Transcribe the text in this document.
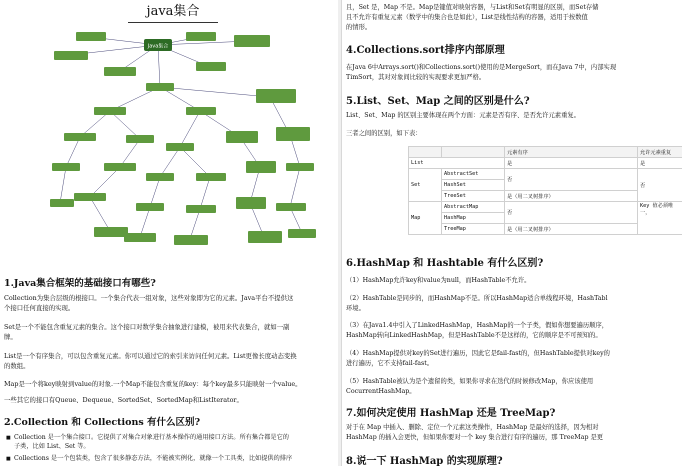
java集合
Java集合
1.Java集合框架的基础接口有哪些?

Collection为集合层级的根接口。一个集合代表一组对象，这些对象即为它的元素。Java平台不提供这

个接口任何直接的实现。

Set是一个不能包含重复元素的集合。这个接口对数学集合抽象进行建模，被用来代表集合，就如一副

牌。

List是一个有序集合，可以包含重复元素。你可以通过它的索引来访问任何元素。List更像长度动态变换

的数组。

Map是一个将key映射到value的对象.一个Map不能包含重复的key：每个key最多只能映射一个value。

一些其它的接口有Queue、Dequeue、SortedSet、SortedMap和ListIterator。

2.Collection 和 Collections 有什么区别?
■ Collection 是一个集合接口。它提供了对集合对象进行基本操作的通用接口方法。所有集合都是它的
子类，比如 List、Set 等。
■ Collections 是一个包装类，包含了很多静态方法，不能被实例化，就像一个工具类，比如提供的排序

且，Set 是，Map 不是。Map是键值对映射容器，与List和Set有明显的区别，而Set存储

且不允许有重复元素（数学中的集合也是如此），List是线性结构的容器，适用于按数值

的情形。

4.Collections.sort排序内部原理

在Java 6中Arrays.sort()和Collections.sort()使用的是MergeSort，而在Java 7中，内部实现

TimSort，其对对象间比较的实现要求更加严格。

5.List、Set、Map 之间的区别是什么?

List、Set、Map 的区别主要体现在两个方面：元素是否有序、是否允许元素重复。

三者之间的区别，如下表：

		元素有序	允许元素重复
List		是	是
Set	AbstractSet	否	否
	HashSet		
	TreeSet	是（用二叉树排序）	
Map	AbstractMap	否	Key 值必须唯一，
	HashMap		
	TreeMap	是（用二叉树排序）	
6.HashMap 和 Hashtable 有什么区别?

（1）HashMap允许key和value为null，而HashTable不允许。

（2）HashTable是同步的，而HashMap不是。所以HashMap适合单线程环境，HashTabl

环境。

（3）在Java1.4中引入了LinkedHashMap，HashMap的一个子类，假如你想要遍历顺序，

HashMap转向LinkedHashMap，但是HashTable不是这样的，它的顺序是不可预知的。

（4）HashMap提供对key的Set进行遍历，因此它是fail-fast的，但HashTable提供对key的

进行遍历，它不支持fail-fast。

（5）HashTable被认为是个遗留的类，如果你寻求在迭代的时候修改Map，你应该使用

CocurrentHashMap。

7.如何决定使用 HashMap 还是 TreeMap?

对于在 Map 中插入、删除、定位一个元素这类操作，HashMap 是最好的选择，因为相对

HashMap 的插入会更快，但如果你要对一个 key 集合进行有序的遍历，那 TreeMap 是更

8.说一下 HashMap 的实现原理?
